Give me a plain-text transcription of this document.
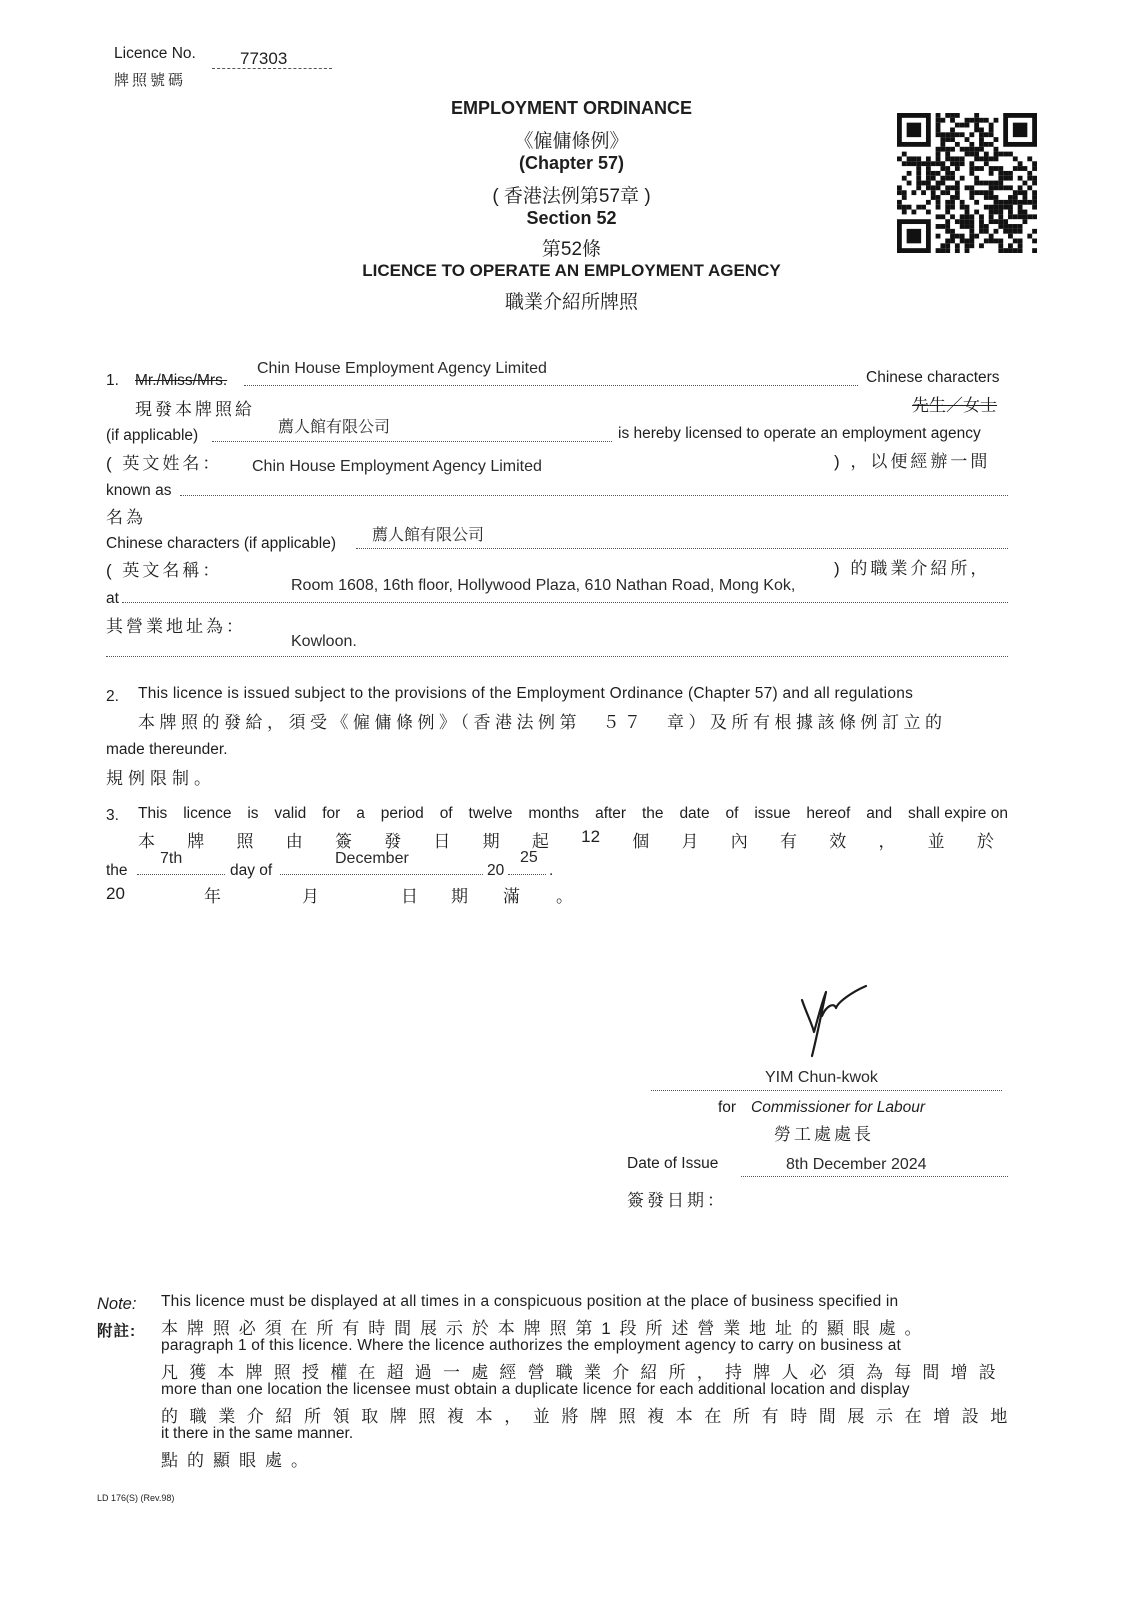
Licence No.	77303
牌照號碼
EMPLOYMENT ORDINANCE
《僱傭條例》
(Chapter 57)
( 香港法例第57章 )
Section 52
第52條
LICENCE TO OPERATE AN EMPLOYMENT AGENCY
職業介紹所牌照
1. Mr./Miss/Mrs.
Chin House Employment Agency Limited
Chinese characters
現發本牌照給	先生／女士
(if applicable)	薦人館有限公司	is hereby licensed to operate an employment agency
( 英文姓名：	) ，以便經辦一間
Chin House Employment Agency Limited
known as
名為
Chinese characters (if applicable) 薦人館有限公司
( 英文名稱：	) 的職業介紹所，
Room 1608, 16th floor, Hollywood Plaza, 610 Nathan Road, Mong Kok,
at
其營業地址為：
Kowloon.
2. This licence is issued subject to the provisions of the Employment Ordinance (Chapter 57) and all regulations
本牌照的發給，須受《僱傭條例》（香港法例第　５７　章）及所有根據該條例訂立的
made thereunder.
規例限制。
3. This licence is valid for a period of twelve months after the date of issue hereof and shall expire on
本 牌 照 由 簽 發 日 期 起 12 個 月 內 有 效 ， 並 於
the
7th
day of
December
20
25
.
20	年	月	日 期 滿 。
YIM Chun-kwok
for Commissioner for Labour
勞工處處長
Date of Issue	8th December 2024
簽發日期：
Note:
附註:
This licence must be displayed at all times in a conspicuous position at the place of business specified in
本牌照必須在所有時間展示於本牌照第1段所述營業地址的顯眼處。
paragraph 1 of this licence. Where the licence authorizes the employment agency to carry on business at
凡獲本牌照授權在超過一處經營職業介紹所，持牌人必須為每間增設
more than one location the licensee must obtain a duplicate licence for each additional location and display
的職業介紹所領取牌照複本，並將牌照複本在所有時間展示在增設地
it there in the same manner.
點的顯眼處。
LD 176(S) (Rev.98)
